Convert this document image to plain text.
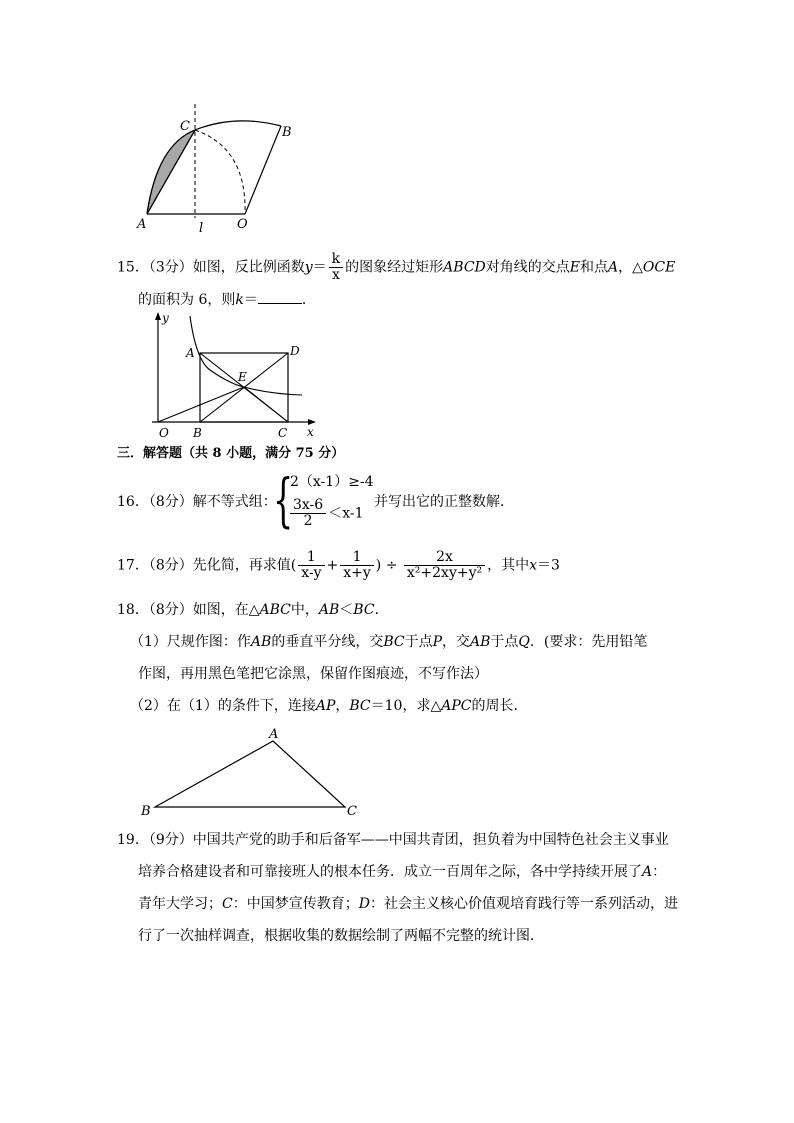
A
C	B
O
l
15．（3分）如图，反比例函数$y= \frac{k}{x}$ 的图象经过矩形ABCD对角线的交点E和点A，△OCE
的面积为 6，则k＝	．
y
A	D
E
O B	C x
三．解答题（共 8 小题，满分 75 分）
16．（8分）解不等式组：
{
2（x-1）≥-4
$\frac{3x-6}{2} <x-1$
并写出它的正整数解．
17．（8分）先化简，再求值( $\frac{1}{x-y} + \frac{1}{x+y}$ ) ÷ $\frac{2x}{\text{x²+2xy+y²}}$ ，其中x＝3
18．（8分）如图，在△ABC中，AB＜BC．
（1）尺规作图：作AB的垂直平分线，交BC于点P，交AB于点Q．(要求：先用铅笔
作图，再用黑色笔把它涂黑，保留作图痕迹，不写作法）
（2）在（1）的条件下，连接AP，BC＝10，求△APC的周长．
A
B	C
19．（9分）中国共产党的助手和后备军——中国共青团，担负着为中国特色社会主义事业
培养合格建设者和可靠接班人的根本任务．成立一百周年之际，各中学持续开展了A：
青年大学习；C：中国梦宣传教育；D：社会主义核心价值观培育践行等一系列活动，进
行了一次抽样调查，根据收集的数据绘制了两幅不完整的统计图．
